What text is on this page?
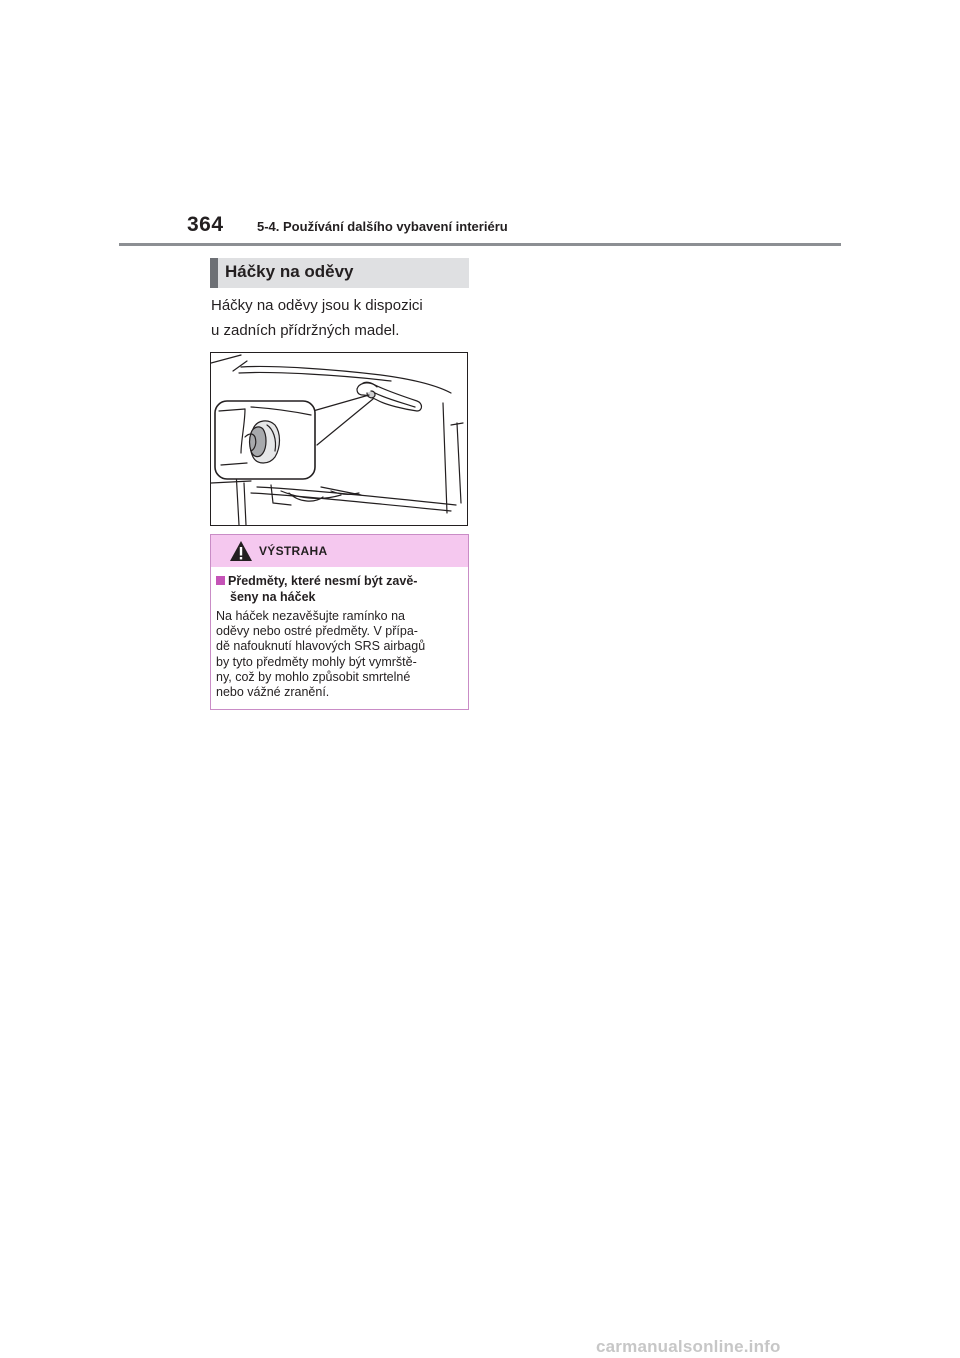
364	5-4. Používání dalšího vybavení interiéru
Háčky na oděvy
Háčky na oděvy jsou k dispozici
u zadních přídržných madel.
VÝSTRAHA
Předměty, které nesmí být zavě-
šeny na háček
Na háček nezavěšujte ramínko na
oděvy nebo ostré předměty. V přípa-
dě nafouknutí hlavových SRS airbagů
by tyto předměty mohly být vymrště-
ny, což by mohlo způsobit smrtelné
nebo vážné zranění.
carmanualsonline.info
